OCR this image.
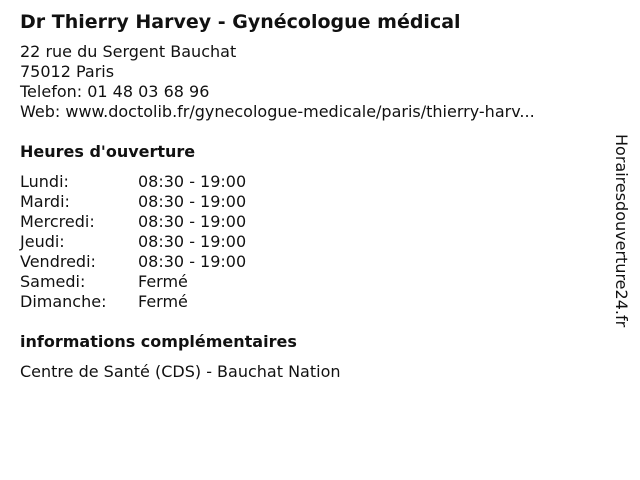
Dr Thierry Harvey - Gynécologue médical
22 rue du Sergent Bauchat
75012 Paris
Telefon: 01 48 03 68 96
Web: www.doctolib.fr/gynecologue-medicale/paris/thierry-harv...
Heures d'ouverture
Lundi:	08:30 - 19:00
Mardi:	08:30 - 19:00
Mercredi:	08:30 - 19:00
Jeudi:	08:30 - 19:00
Vendredi:	08:30 - 19:00
Samedi:	Fermé
Dimanche:	Fermé
informations complémentaires
Centre de Santé (CDS) - Bauchat Nation
Horairesdouverture24.fr
